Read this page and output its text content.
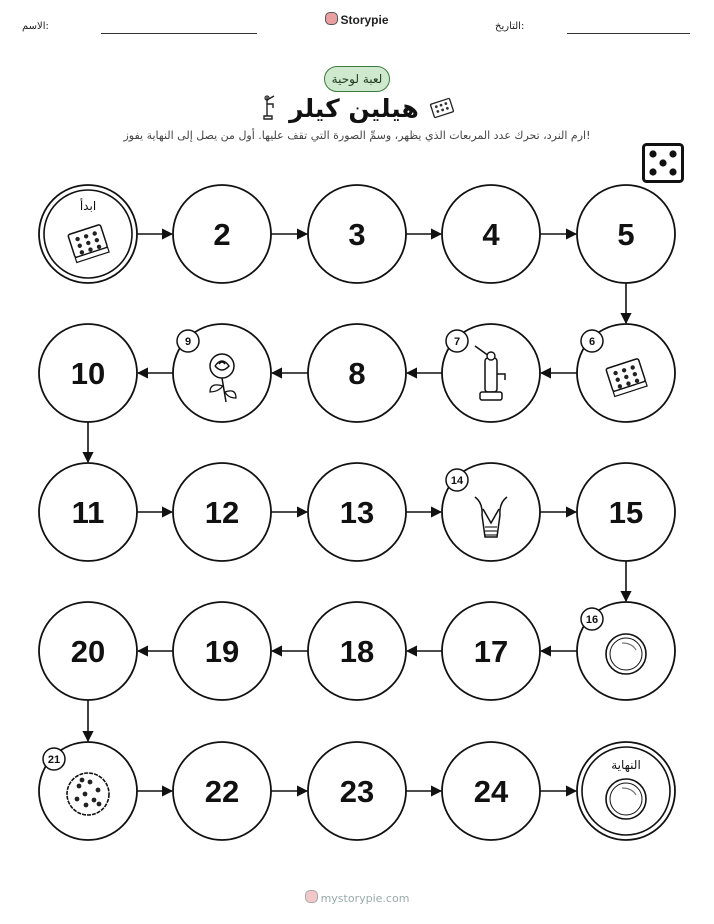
الاسم:	Storypie	التاريخ:
لعبة لوحية
هيلين كيلر
ارم النرد، تحرك عدد المربعات الذي يظهر، وسمِّ الصورة التي تقف عليها. أول من يصل إلى النهاية يفوز!
ابدأ
2	3	4	5
6
7
8
9
10
11	12	13
14
15
16
17
18
19
20
21
22	23	24
النهاية
mystorypie.com
